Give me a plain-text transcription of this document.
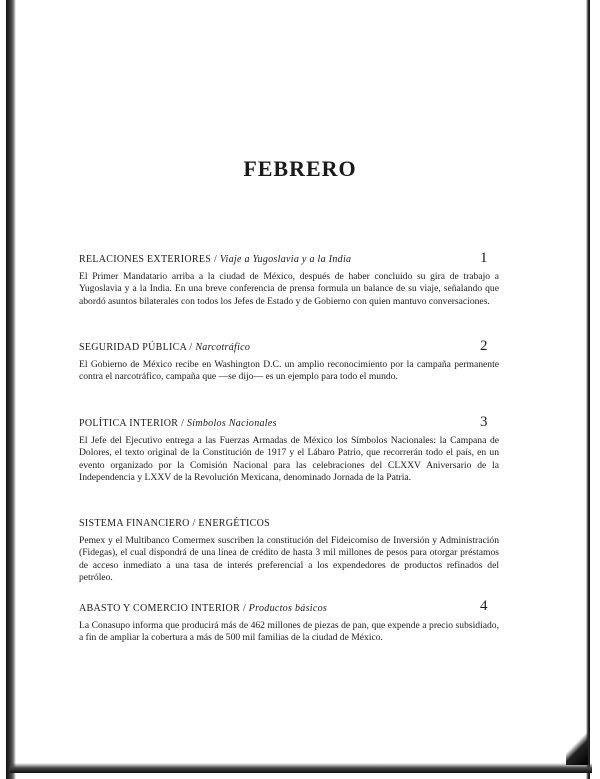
FEBRERO

RELACIONES EXTERIORES / Viaje a Yugoslavia y a la India

El Primer Mandatario arriba a la ciudad de México, después de haber concluido su gira de trabajo a Yugoslavia y a la India. En una breve conferencia de prensa formula un balance de su viaje, señalando que abordó asuntos bilaterales con todos los Jefes de Estado y de Gobierno con quien mantuvo conversaciones.

1

SEGURIDAD PÚBLICA / Narcotráfico

El Gobierno de México recibe en Washington D.C. un amplio reconocimiento por la campaña permanente contra el narcotráfico, campaña que —se dijo— es un ejemplo para todo el mundo.

2

POLÍTICA INTERIOR / Símbolos Nacionales

El Jefe del Ejecutivo entrega a las Fuerzas Armadas de México los Símbolos Nacionales: la Campana de Dolores, el texto original de la Constitución de 1917 y el Lábaro Patrio, que recorrerán todo el país, en un evento organizado por la Comisión Nacional para las celebraciones del CLXXV Aniversario de la Independencia y LXXV de la Revolución Mexicana, denominado Jornada de la Patria.

3

SISTEMA FINANCIERO / ENERGÉTICOS

Pemex y el Multibanco Comermex suscriben la constitución del Fideicomiso de Inversión y Administración (Fidegas), el cual dispondrá de una línea de crédito de hasta 3 mil millones de pesos para otorgar préstamos de acceso inmediato a una tasa de interés preferencial a los expendedores de productos refinados del petróleo.

ABASTO Y COMERCIO INTERIOR / Productos básicos

La Conasupo informa que producirá más de 462 millones de piezas de pan, que expende a precio subsidiado, a fin de ampliar la cobertura a más de 500 mil familias de la ciudad de México.

4
